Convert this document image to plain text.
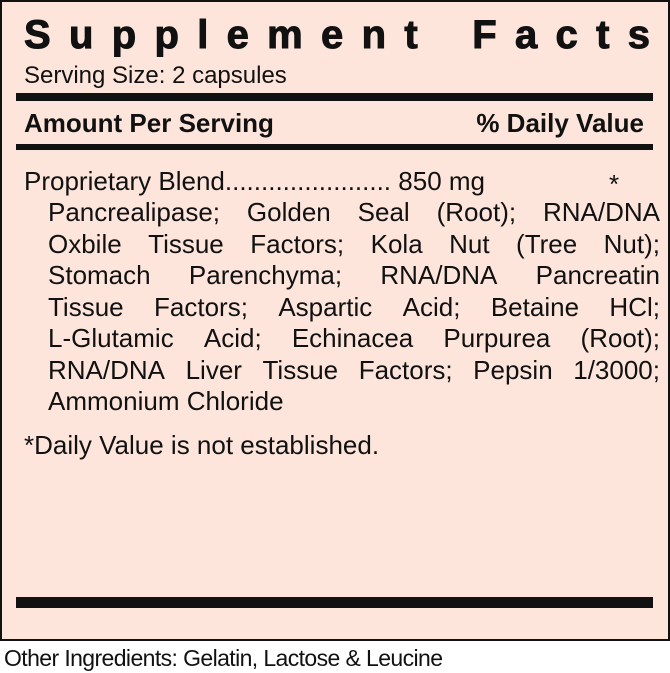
S u p p l e m e n t
F a c t s
Serving Size: 2 capsules
Amount Per Serving	% Daily Value
Proprietary Blend....................... 850 mg	*
Pancrealipase; Golden Seal (Root); RNA/DNA
Oxbile Tissue Factors; Kola Nut (Tree Nut);
Stomach Parenchyma; RNA/DNA Pancreatin
Tissue Factors; Aspartic Acid; Betaine HCl;
L-Glutamic Acid; Echinacea Purpurea (Root);
RNA/DNA Liver Tissue Factors; Pepsin 1/3000;
Ammonium Chloride
*Daily Value is not established.
Other Ingredients: Gelatin, Lactose & Leucine
